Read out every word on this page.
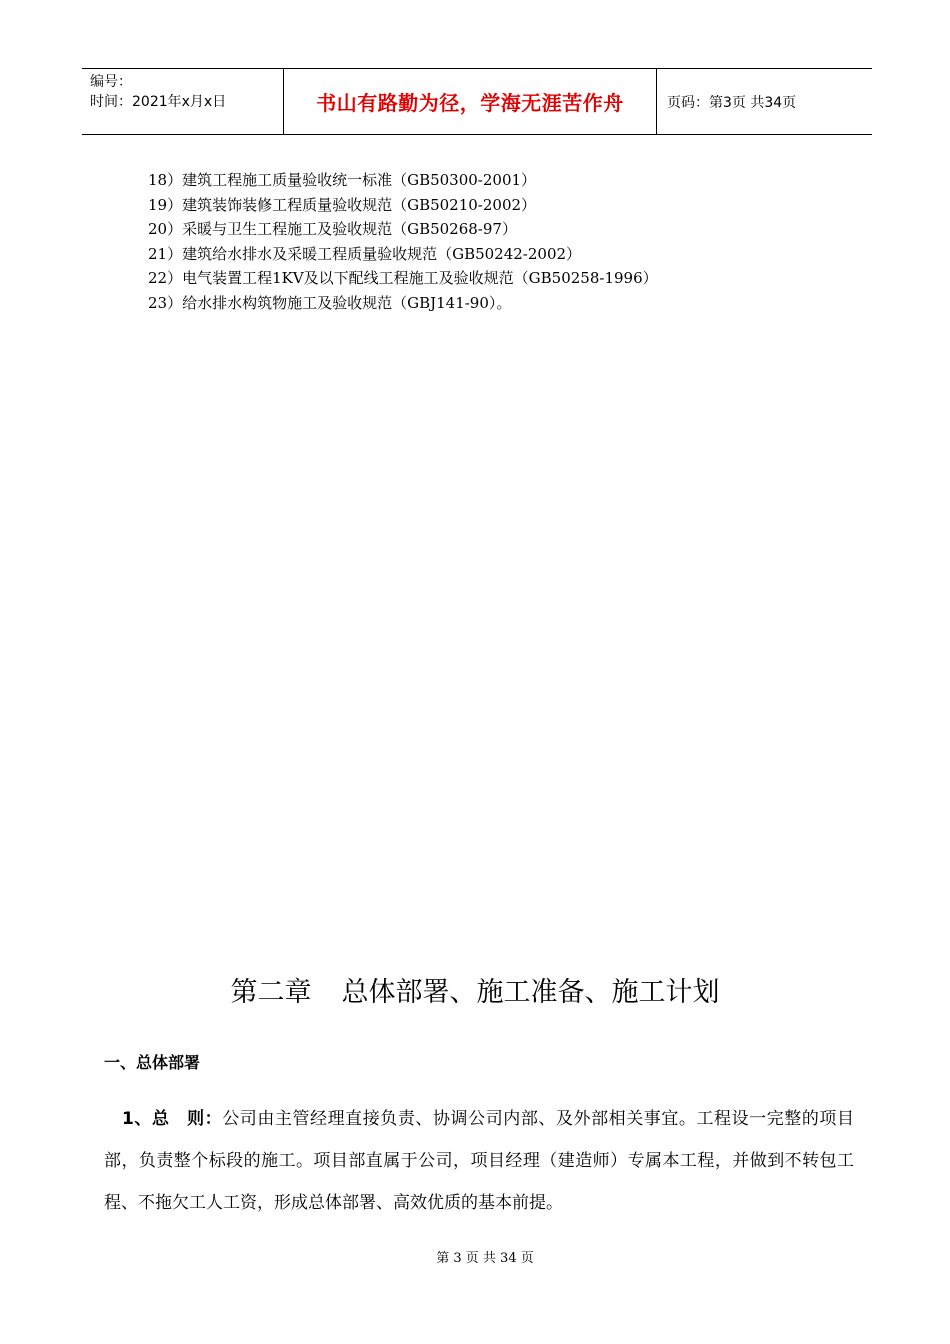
编号：
时间：2021年x月x日	书山有路勤为径，学海无涯苦作舟	页码：第3页 共34页
18）建筑工程施工质量验收统一标准（GB50300-2001）
19）建筑装饰装修工程质量验收规范（GB50210-2002）
20）采暖与卫生工程施工及验收规范（GB50268-97）
21）建筑给水排水及采暖工程质量验收规范（GB50242-2002）
22）电气装置工程1KV及以下配线工程施工及验收规范（GB50258-1996）
23）给水排水构筑物施工及验收规范（GBJ141-90）。
第二章 总体部署、施工准备、施工计划
一、总体部署
1、总　则：公司由主管经理直接负责、协调公司内部、及外部相关事宜。工程设一完整的项目部，负责整个标段的施工。项目部直属于公司，项目经理（建造师）专属本工程，并做到不转包工程、不拖欠工人工资，形成总体部署、高效优质的基本前提。
第 3 页 共 34 页
